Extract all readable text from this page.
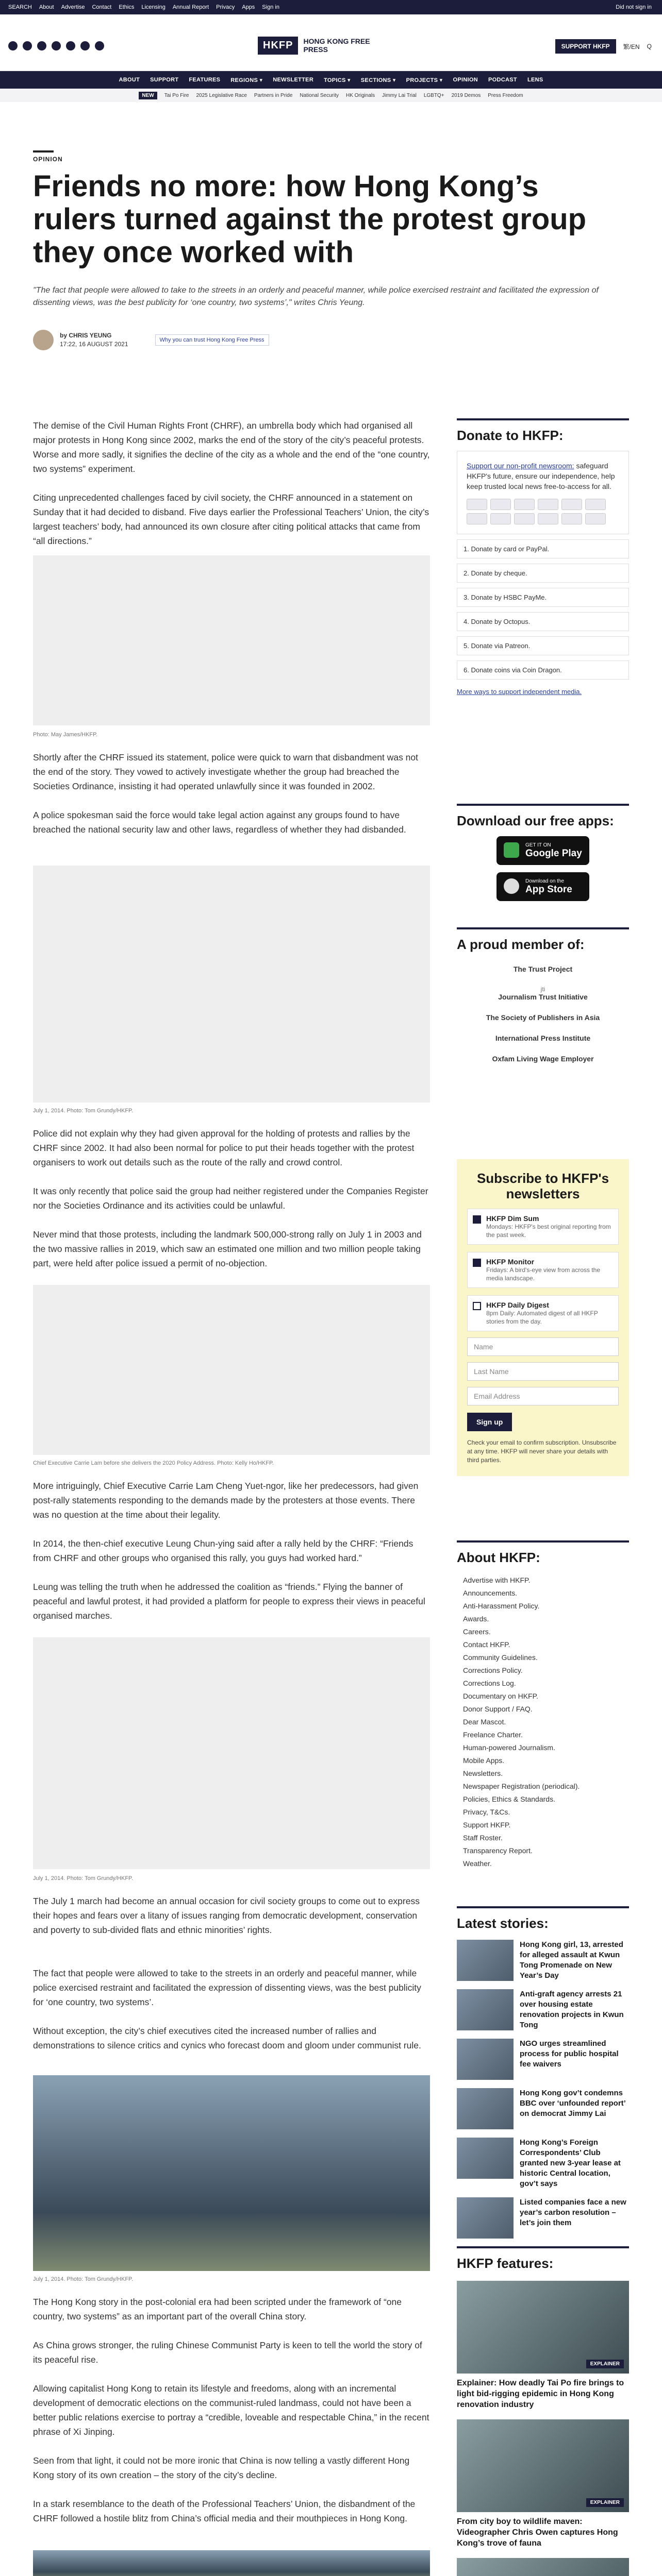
SEARCH About Advertise Contact Ethics Licensing Annual Report Privacy Apps Sign in	Did not sign in
HKFP	HONG KONG FREE PRESS	SUPPORT HKFP	繁/EN Q
ABOUT SUPPORT FEATURES REGIONS ▾ NEWSLETTER TOPICS ▾ SECTIONS ▾ PROJECTS ▾ OPINION PODCAST LENS
NEW	Tai Po Fire 2025 Legislative Race Partners in Pride National Security HK Originals Jimmy Lai Trial LGBTQ+ 2019 Demos Press Freedom
OPINION
Friends no more: how Hong Kong’s rulers turned against the protest group they once worked with

"The fact that people were allowed to take to the streets in an orderly and peaceful manner, while police exercised restraint and facilitated the expression of dissenting views, was the best publicity for ‘one country, two systems’," writes Chris Yeung.

by CHRIS YEUNG
17:22, 16 AUGUST 2021
Why you can trust Hong Kong Free Press

The demise of the Civil Human Rights Front (CHRF), an umbrella body which had organised all major protests in Hong Kong since 2002, marks the end of the story of the city’s peaceful protests. Worse and more sadly, it signifies the decline of the city as a whole and the end of the “one country, two systems” experiment.

Citing unprecedented challenges faced by civil society, the CHRF announced in a statement on Sunday that it had decided to disband. Five days earlier the Professional Teachers’ Union, the city’s largest teachers’ body, had announced its own closure after citing political attacks that came from “all directions.”

Photo: May James/HKFP.

Shortly after the CHRF issued its statement, police were quick to warn that disbandment was not the end of the story. They vowed to actively investigate whether the group had breached the Societies Ordinance, insisting it had operated unlawfully since it was founded in 2002.

A police spokesman said the force would take legal action against any groups found to have breached the national security law and other laws, regardless of whether they had disbanded.

July 1, 2014. Photo: Tom Grundy/HKFP.

Police did not explain why they had given approval for the holding of protests and rallies by the CHRF since 2002. It had also been normal for police to put their heads together with the protest organisers to work out details such as the route of the rally and crowd control.

It was only recently that police said the group had neither registered under the Companies Register nor the Societies Ordinance and its activities could be unlawful.

Never mind that those protests, including the landmark 500,000-strong rally on July 1 in 2003 and the two massive rallies in 2019, which saw an estimated one million and two million people taking part, were held after police issued a permit of no-objection.

Chief Executive Carrie Lam before she delivers the 2020 Policy Address. Photo: Kelly Ho/HKFP.

More intriguingly, Chief Executive Carrie Lam Cheng Yuet-ngor, like her predecessors, had given post-rally statements responding to the demands made by the protesters at those events. There was no question at the time about their legality.

In 2014, the then-chief executive Leung Chun-ying said after a rally held by the CHRF: “Friends from CHRF and other groups who organised this rally, you guys had worked hard.”

Leung was telling the truth when he addressed the coalition as “friends.” Flying the banner of peaceful and lawful protest, it had provided a platform for people to express their views in peaceful organised marches.

July 1, 2014. Photo: Tom Grundy/HKFP.

The July 1 march had become an annual occasion for civil society groups to come out to express their hopes and fears over a litany of issues ranging from democratic development, conservation and poverty to sub-divided flats and ethnic minorities’ rights.

The fact that people were allowed to take to the streets in an orderly and peaceful manner, while police exercised restraint and facilitated the expression of dissenting views, was the best publicity for ‘one country, two systems’.

Without exception, the city’s chief executives cited the increased number of rallies and demonstrations to silence critics and cynics who forecast doom and gloom under communist rule.

July 1, 2014. Photo: Tom Grundy/HKFP.

The Hong Kong story in the post-colonial era had been scripted under the framework of “one country, two systems” as an important part of the overall China story.

As China grows stronger, the ruling Chinese Communist Party is keen to tell the world the story of its peaceful rise.

Allowing capitalist Hong Kong to retain its lifestyle and freedoms, along with an incremental development of democratic elections on the communist-ruled landmass, could not have been a better public relations exercise to portray a “credible, loveable and respectable China,” in the recent phrase of Xi Jinping.

Seen from that light, it could not be more ironic that China is now telling a vastly different Hong Kong story of its own creation – the story of the city’s decline.

In a stark resemblance to the death of the Professional Teachers’ Union, the disbandment of the CHRF followed a hostile blitz from China’s official media and their mouthpieces in Hong Kong.

Donate to HKFP:

Support our non-profit newsroom: safeguard HKFP's future, ensure our independence, help keep trusted local news free-to-access for all.

1. Donate by card or PayPal.
2. Donate by cheque.
3. Donate by HSBC PayMe.
4. Donate by Octopus.
5. Donate via Patreon.
6. Donate coins via Coin Dragon.
More ways to support independent media.
Download our free apps:
GET IT ON
Google Play
Download on the
App Store
A proud member of:
The Trust Project
jti
Journalism Trust Initiative
The Society of Publishers in Asia
International Press Institute
Oxfam Living Wage Employer
Subscribe to HKFP's newsletters
HKFP Dim Sum
Mondays: HKFP's best original reporting from the past week.
HKFP Monitor
Fridays: A bird's-eye view from across the media landscape.
HKFP Daily Digest
8pm Daily: Automated digest of all HKFP stories from the day.
Name
Last Name
Email Address
Sign up

Check your email to confirm subscription. Unsubscribe at any time. HKFP will never share your details with third parties.

About HKFP:
Advertise with HKFP.
Announcements.
Anti-Harassment Policy.
Awards.
Careers.
Contact HKFP.
Community Guidelines.
Corrections Policy.
Corrections Log.
Documentary on HKFP.
Donor Support / FAQ.
Dear Mascot.
Freelance Charter.
Human-powered Journalism.
Mobile Apps.
Newsletters.
Newspaper Registration (periodical).
Policies, Ethics & Standards.
Privacy, T&Cs.
Support HKFP.
Staff Roster.
Transparency Report.
Weather.
Latest stories:
Hong Kong girl, 13, arrested for alleged assault at Kwun Tong Promenade on New Year’s Day
Anti-graft agency arrests 21 over housing estate renovation projects in Kwun Tong
NGO urges streamlined process for public hospital fee waivers
Hong Kong gov’t condemns BBC over ‘unfounded report’ on democrat Jimmy Lai
Hong Kong’s Foreign Correspondents’ Club granted new 3-year lease at historic Central location, gov’t says
Listed companies face a new year’s carbon resolution – let’s join them
HKFP features:
EXPLAINER
Explainer: How deadly Tai Po fire brings to light bid-rigging epidemic in Hong Kong renovation industry
EXPLAINER
From city boy to wildlife maven: Videographer Chris Owen captures Hong Kong’s trove of fauna
